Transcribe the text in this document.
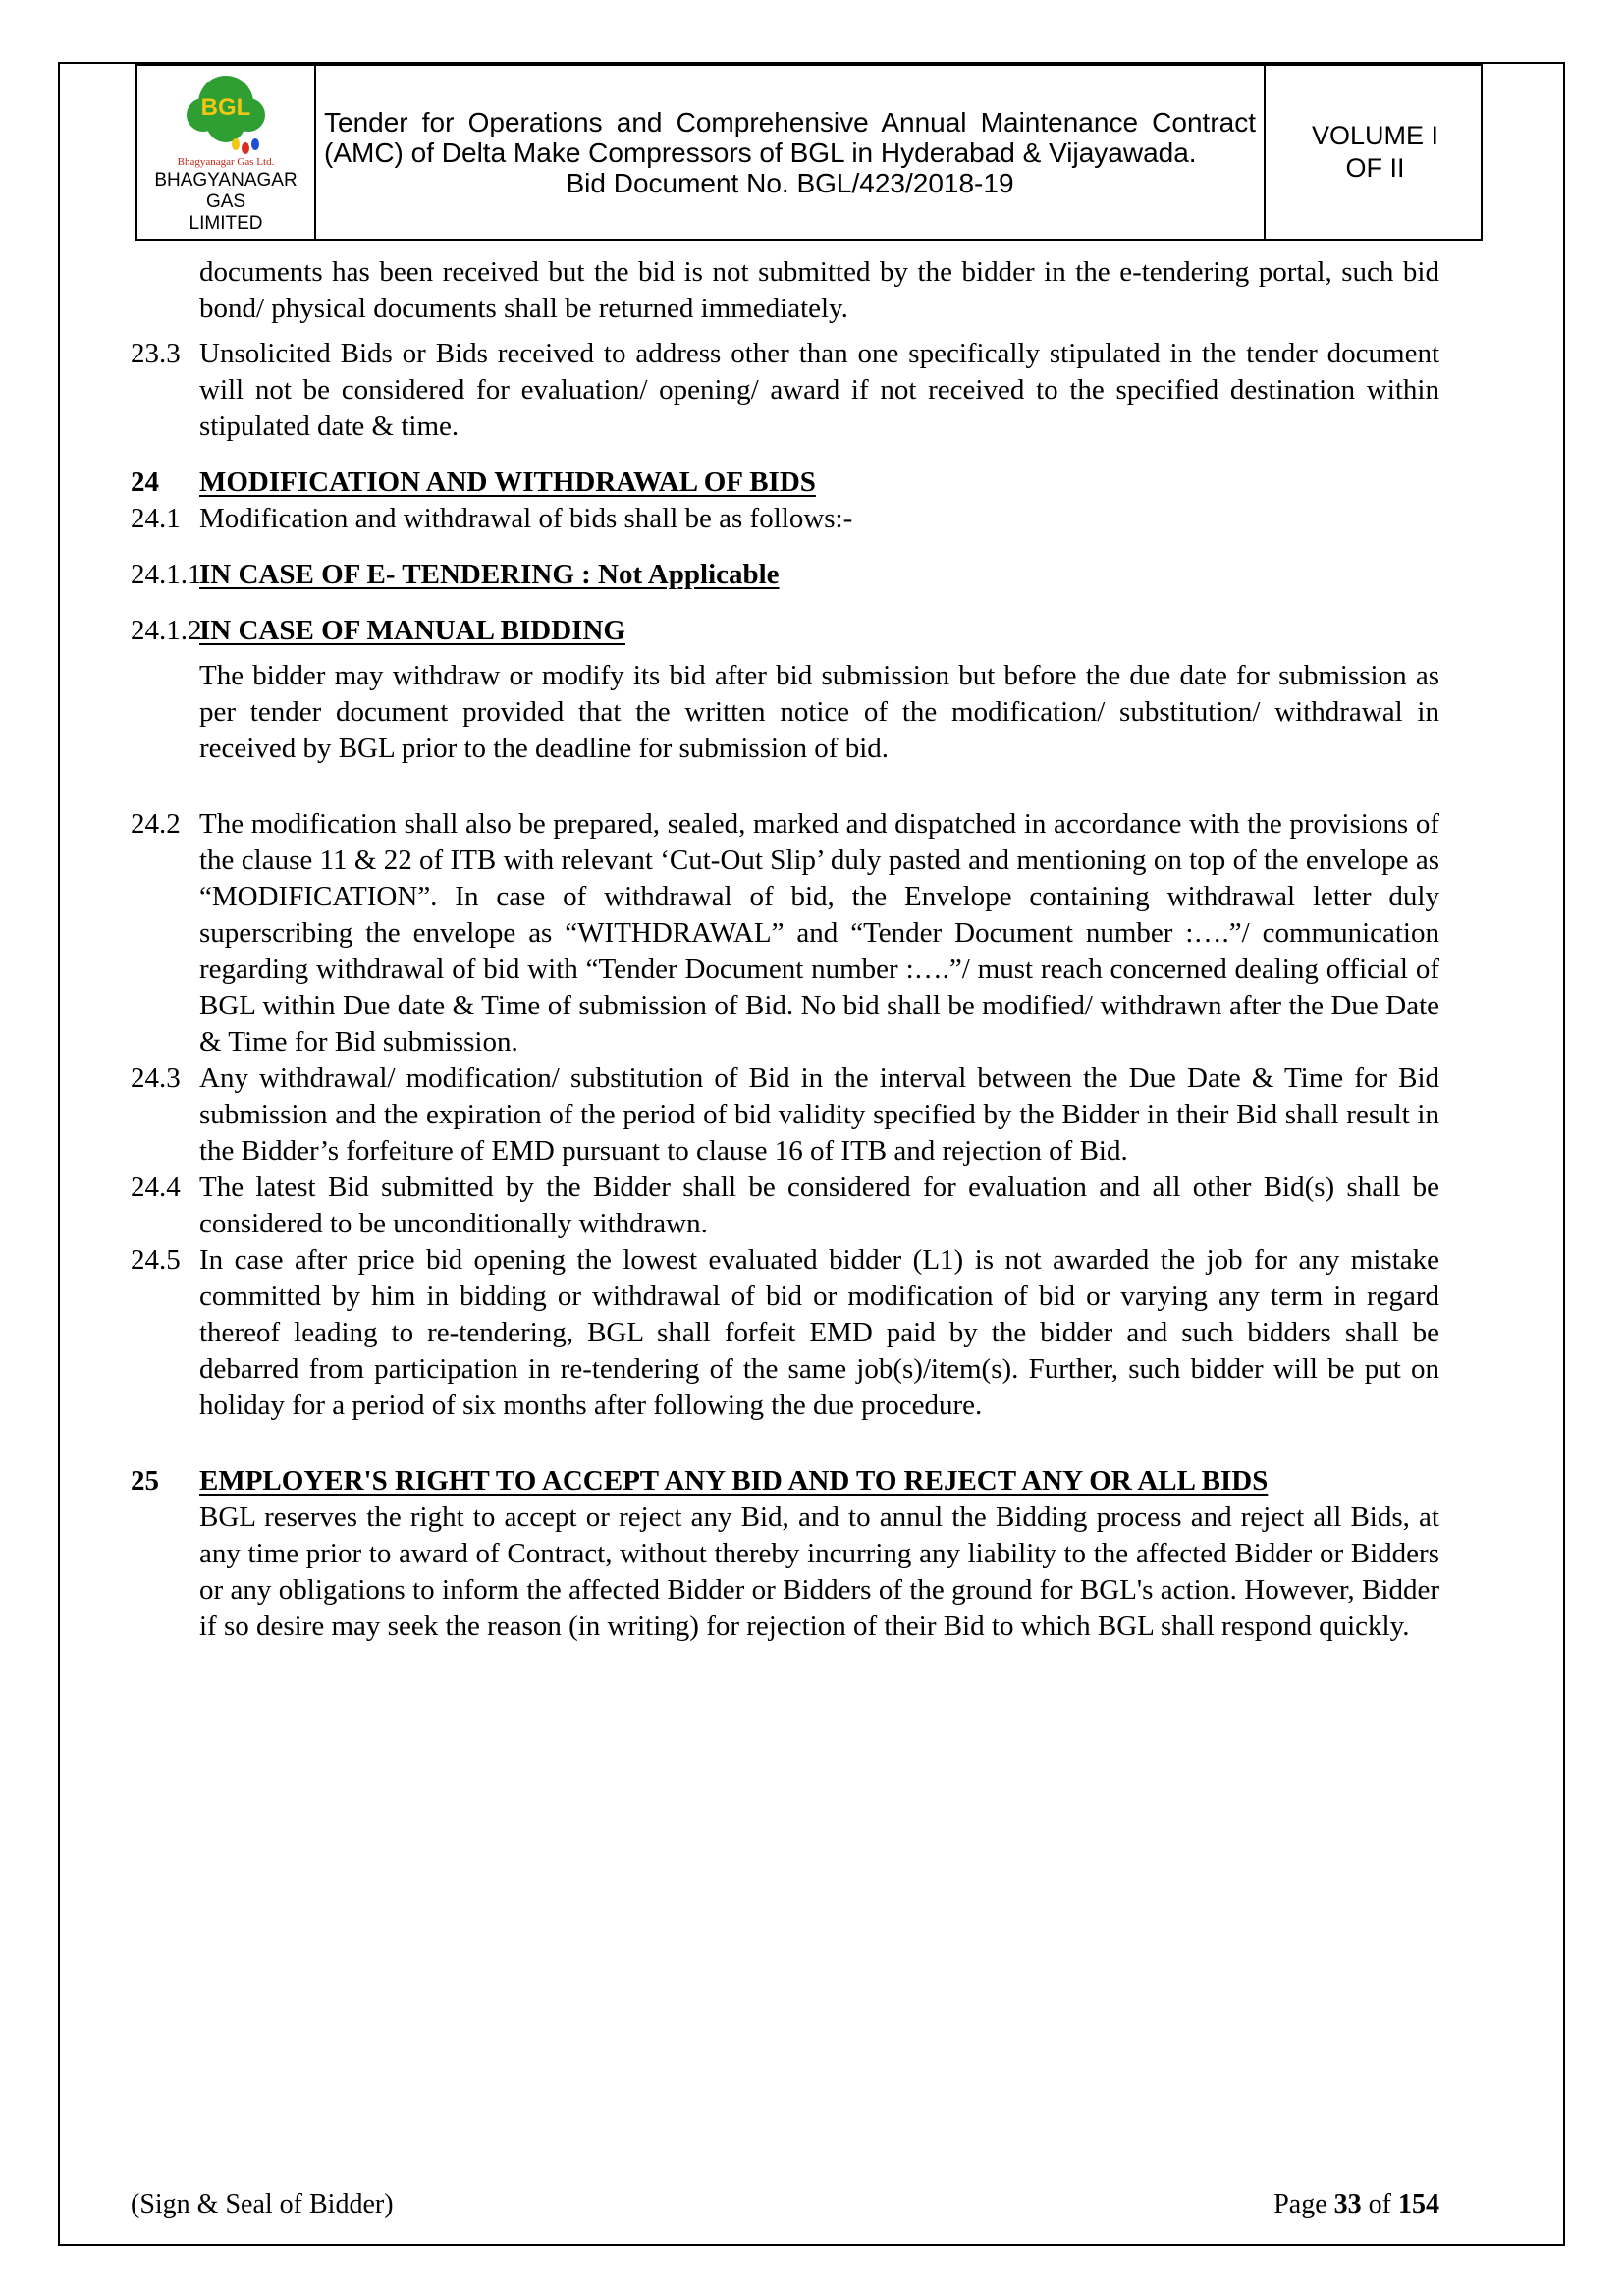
BGL
Bhagyanagar Gas Ltd.
BHAGYANAGAR GAS
LIMITED
Tender for Operations and Comprehensive Annual Maintenance Contract (AMC) of Delta Make Compressors of BGL in Hyderabad & Vijayawada.
Bid Document No. BGL/423/2018-19
VOLUME I
OF II
documents has been received but the bid is not submitted by the bidder in the e-tendering portal, such bid bond/ physical documents shall be returned immediately.
23.3 Unsolicited Bids or Bids received to address other than one specifically stipulated in the tender document will not be considered for evaluation/ opening/ award if not received to the specified destination within stipulated date & time.
24	MODIFICATION AND WITHDRAWAL OF BIDS
24.1 Modification and withdrawal of bids shall be as follows:-
24.1.1
IN CASE OF E- TENDERING : Not Applicable
24.1.2
IN CASE OF MANUAL BIDDING
The bidder may withdraw or modify its bid after bid submission but before the due date for submission as per tender document provided that the written notice of the modification/ substitution/ withdrawal in received by BGL prior to the deadline for submission of bid.
24.2 The modification shall also be prepared, sealed, marked and dispatched in accordance with the provisions of the clause 11 & 22 of ITB with relevant ‘Cut-Out Slip’ duly pasted and mentioning on top of the envelope as “MODIFICATION”. In case of withdrawal of bid, the Envelope containing withdrawal letter duly superscribing the envelope as “WITHDRAWAL” and “Tender Document number :….”/ communication regarding withdrawal of bid with “Tender Document number :….”/ must reach concerned dealing official of BGL within Due date & Time of submission of Bid. No bid shall be modified/ withdrawn after the Due Date & Time for Bid submission.
24.3 Any withdrawal/ modification/ substitution of Bid in the interval between the Due Date & Time for Bid submission and the expiration of the period of bid validity specified by the Bidder in their Bid shall result in the Bidder’s forfeiture of EMD pursuant to clause 16 of ITB and rejection of Bid.
24.4 The latest Bid submitted by the Bidder shall be considered for evaluation and all other Bid(s) shall be considered to be unconditionally withdrawn.
24.5 In case after price bid opening the lowest evaluated bidder (L1) is not awarded the job for any mistake committed by him in bidding or withdrawal of bid or modification of bid or varying any term in regard thereof leading to re-tendering, BGL shall forfeit EMD paid by the bidder and such bidders shall be debarred from participation in re-tendering of the same job(s)/item(s). Further, such bidder will be put on holiday for a period of six months after following the due procedure.
25	EMPLOYER'S RIGHT TO ACCEPT ANY BID AND TO REJECT ANY OR ALL BIDS
BGL reserves the right to accept or reject any Bid, and to annul the Bidding process and reject all Bids, at any time prior to award of Contract, without thereby incurring any liability to the affected Bidder or Bidders or any obligations to inform the affected Bidder or Bidders of the ground for BGL's action. However, Bidder if so desire may seek the reason (in writing) for rejection of their Bid to which BGL shall respond quickly.
(Sign & Seal of Bidder)	Page 33 of 154
